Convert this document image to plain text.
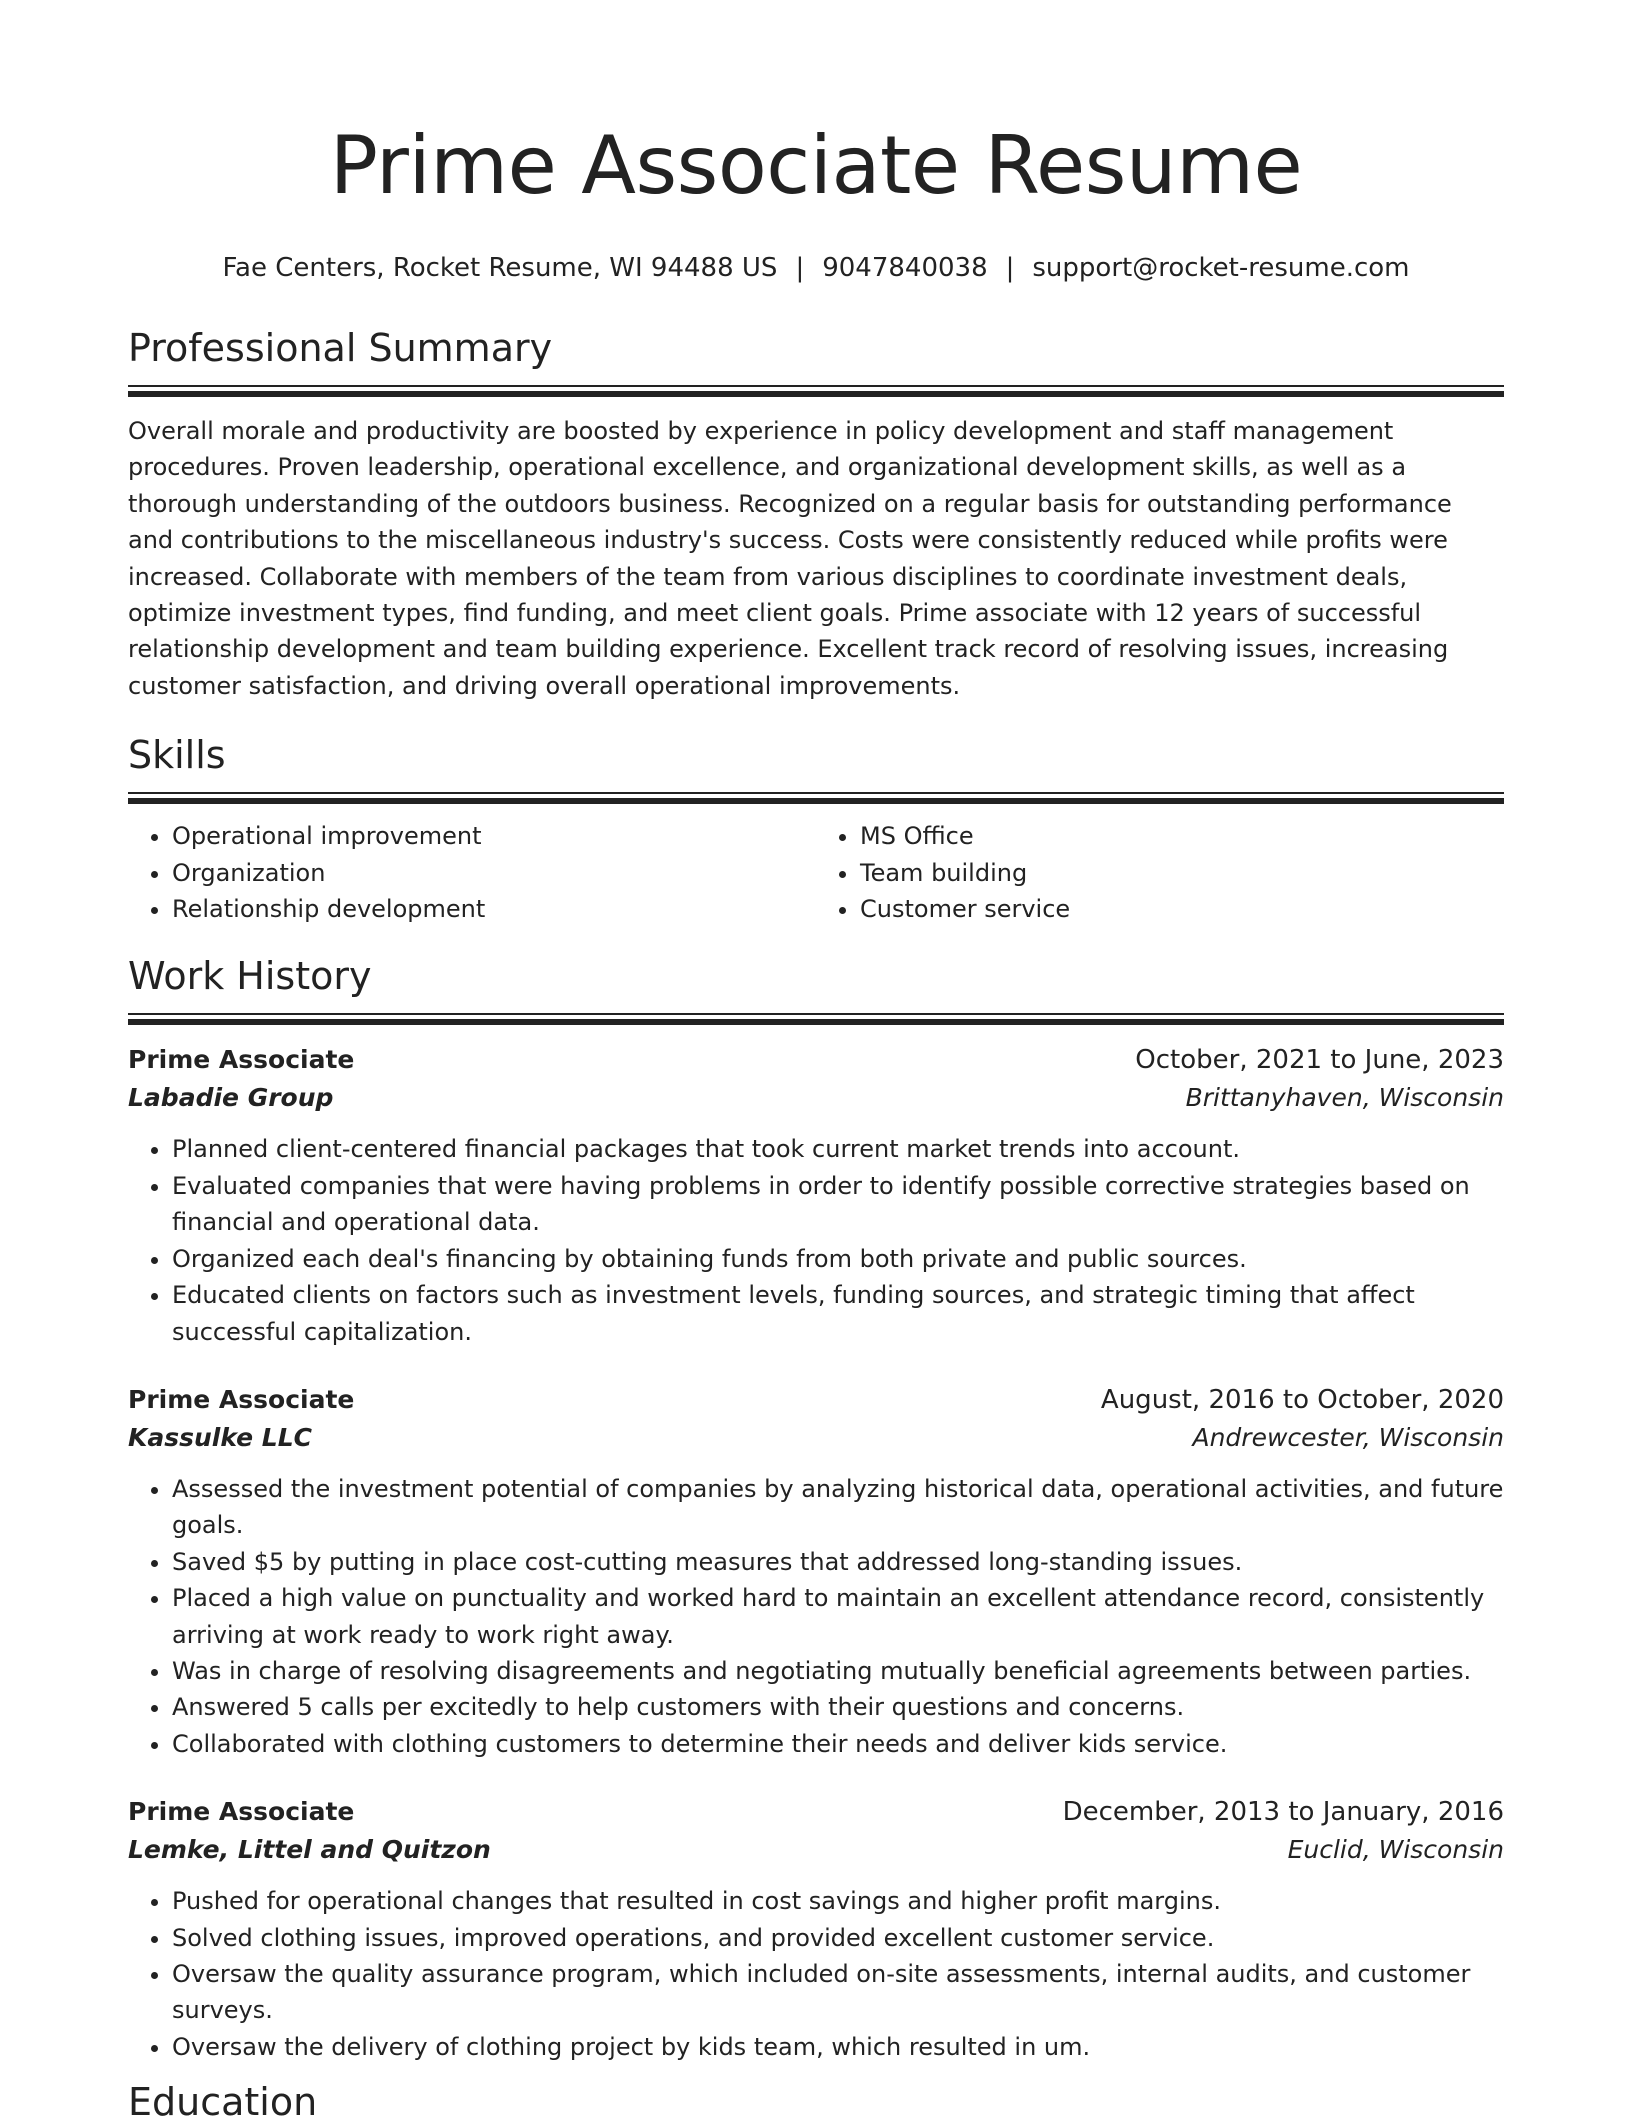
Prime Associate Resume
Fae Centers, Rocket Resume, WI 94488 US | 9047840038 | support@rocket-resume.com
Professional Summary

Overall morale and productivity are boosted by experience in policy development and staff management procedures. Proven leadership, operational excellence, and organizational development skills, as well as a thorough understanding of the outdoors business. Recognized on a regular basis for outstanding performance and contributions to the miscellaneous industry's success. Costs were consistently reduced while profits were increased. Collaborate with members of the team from various disciplines to coordinate investment deals, optimize investment types, find funding, and meet client goals. Prime associate with 12 years of successful relationship development and team building experience. Excellent track record of resolving issues, increasing customer satisfaction, and driving overall operational improvements.

Skills
• Operational improvement
• Organization
• Relationship development
• MS Office
• Team building
• Customer service
Work History
Prime Associate	October, 2021 to June, 2023
Labadie Group	Brittanyhaven, Wisconsin
• Planned client-centered financial packages that took current market trends into account.
• Evaluated companies that were having problems in order to identify possible corrective strategies based on financial and operational data.
• Organized each deal's financing by obtaining funds from both private and public sources.
• Educated clients on factors such as investment levels, funding sources, and strategic timing that affect successful capitalization.
Prime Associate	August, 2016 to October, 2020
Kassulke LLC	Andrewcester, Wisconsin
• Assessed the investment potential of companies by analyzing historical data, operational activities, and future goals.
• Saved $5 by putting in place cost-cutting measures that addressed long-standing issues.
• Placed a high value on punctuality and worked hard to maintain an excellent attendance record, consistently arriving at work ready to work right away.
• Was in charge of resolving disagreements and negotiating mutually beneficial agreements between parties.
• Answered 5 calls per excitedly to help customers with their questions and concerns.
• Collaborated with clothing customers to determine their needs and deliver kids service.
Prime Associate	December, 2013 to January, 2016
Lemke, Littel and Quitzon	Euclid, Wisconsin
• Pushed for operational changes that resulted in cost savings and higher profit margins.
• Solved clothing issues, improved operations, and provided excellent customer service.
• Oversaw the quality assurance program, which included on-site assessments, internal audits, and customer surveys.
• Oversaw the delivery of clothing project by kids team, which resulted in um.
Education
